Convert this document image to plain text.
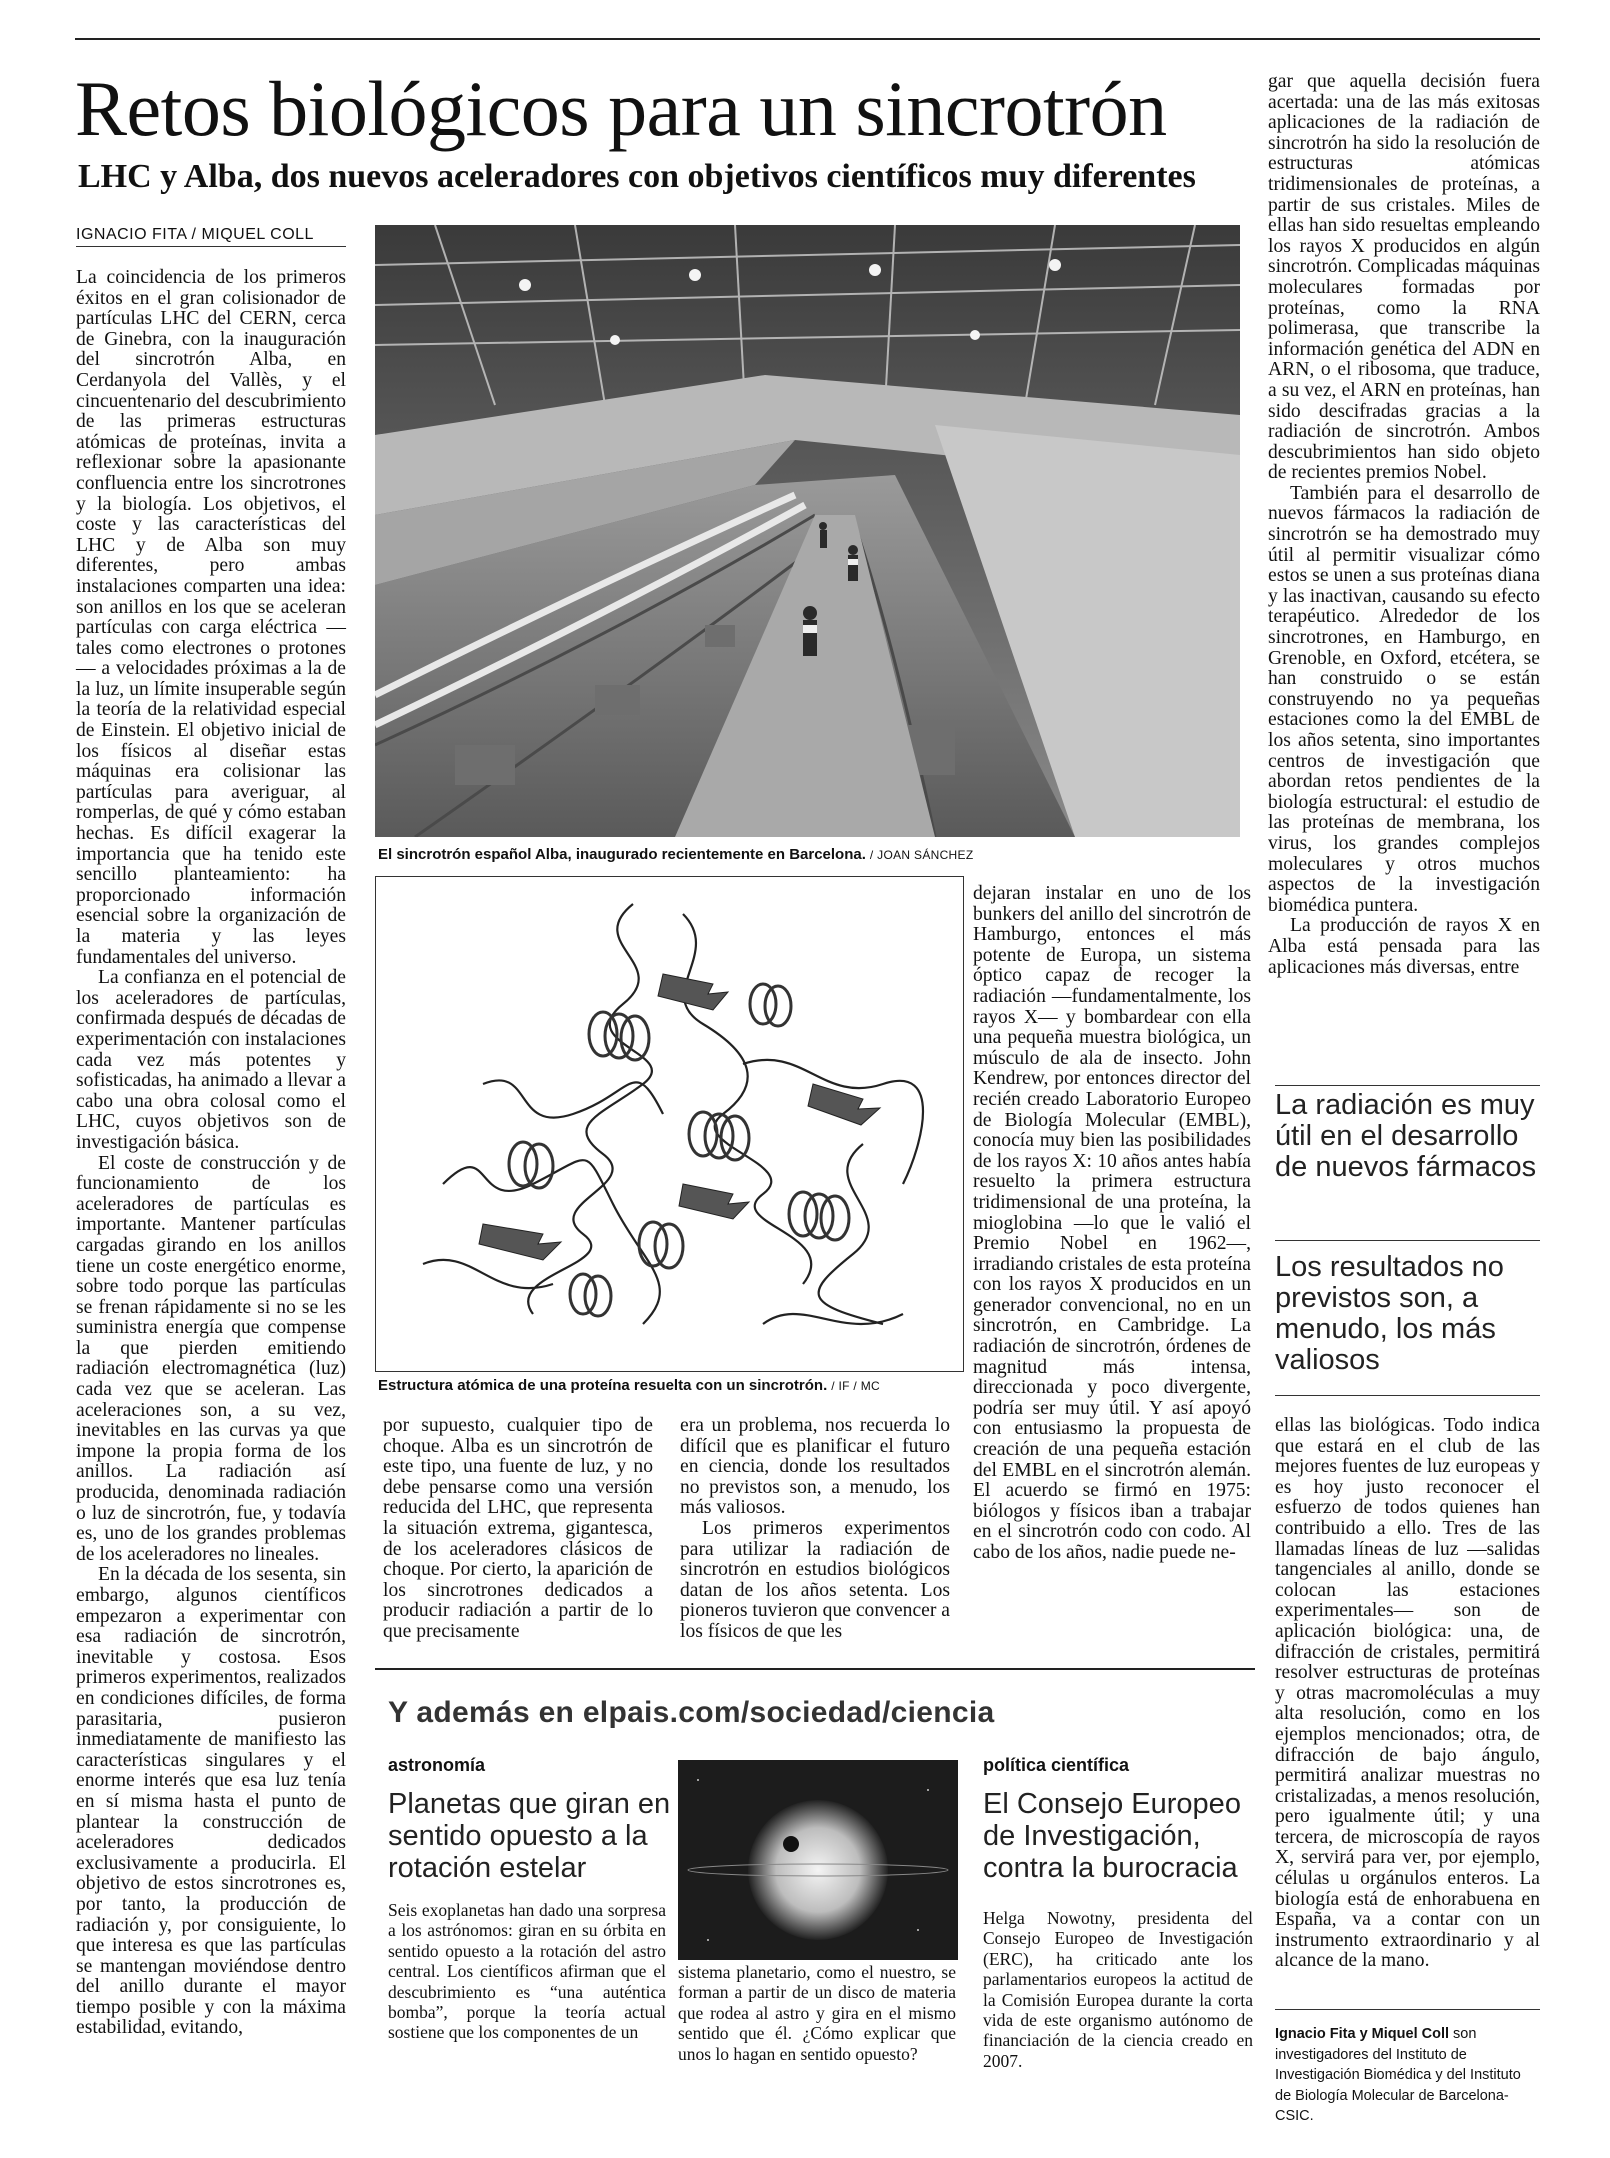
Retos biológicos para un sincrotrón
LHC y Alba, dos nuevos aceleradores con objetivos científicos muy diferentes
IGNACIO FITA / MIQUEL COLL

La coincidencia de los primeros éxitos en el gran colisionador de partículas LHC del CERN, cerca de Ginebra, con la inauguración del sincrotrón Alba, en Cerdanyola del Vallès, y el cincuentenario del descubrimiento de las primeras estructuras atómicas de proteínas, invita a reflexionar sobre la apasionante confluencia entre los sincrotrones y la biología. Los objetivos, el coste y las características del LHC y de Alba son muy diferentes, pero ambas instalaciones comparten una idea: son anillos en los que se aceleran partículas con carga eléctrica —tales como electrones o protones— a velocidades próximas a la de la luz, un límite insuperable según la teoría de la relatividad especial de Einstein. El objetivo inicial de los físicos al diseñar estas máquinas era colisionar las partículas para averiguar, al romperlas, de qué y cómo estaban hechas. Es difícil exagerar la importancia que ha tenido este sencillo planteamiento: ha proporcionado información esencial sobre la organización de la materia y las leyes fundamentales del universo.

La confianza en el potencial de los aceleradores de partículas, confirmada después de décadas de experimentación con instalaciones cada vez más potentes y sofisticadas, ha animado a llevar a cabo una obra colosal como el LHC, cuyos objetivos son de investigación básica.

El coste de construcción y de funcionamiento de los aceleradores de partículas es importante. Mantener partículas cargadas girando en los anillos tiene un coste energético enorme, sobre todo porque las partículas se frenan rápidamente si no se les suministra energía que compense la que pierden emitiendo radiación electromagnética (luz) cada vez que se aceleran. Las aceleraciones son, a su vez, inevitables en las curvas ya que impone la propia forma de los anillos. La radiación así producida, denominada radiación o luz de sincrotrón, fue, y todavía es, uno de los grandes problemas de los aceleradores no lineales.

En la década de los sesenta, sin embargo, algunos científicos empezaron a experimentar con esa radiación de sincrotrón, inevitable y costosa. Esos primeros experimentos, realizados en condiciones difíciles, de forma parasitaria, pusieron inmediatamente de manifiesto las características singulares y el enorme interés que esa luz tenía en sí misma hasta el punto de plantear la construcción de aceleradores dedicados exclusivamente a producirla. El objetivo de estos sincrotrones es, por tanto, la producción de radiación y, por consiguiente, lo que interesa es que las partículas se mantengan moviéndose dentro del anillo durante el mayor tiempo posible y con la máxima estabilidad, evitando,

El sincrotrón español Alba, inaugurado recientemente en Barcelona. / JOAN SÁNCHEZ
Estructura atómica de una proteína resuelta con un sincrotrón. / IF / MC

por supuesto, cualquier tipo de choque. Alba es un sincrotrón de este tipo, una fuente de luz, y no debe pensarse como una versión reducida del LHC, que representa la situación extrema, gigantesca, de los aceleradores clásicos de choque. Por cierto, la aparición de los sincrotrones dedicados a producir radiación a partir de lo que precisamente

era un problema, nos recuerda lo difícil que es planificar el futuro en ciencia, donde los resultados no previstos son, a menudo, los más valiosos.

Los primeros experimentos para utilizar la radiación de sincrotrón en estudios biológicos datan de los años setenta. Los pioneros tuvieron que convencer a los físicos de que les

dejaran instalar en uno de los bunkers del anillo del sincrotrón de Hamburgo, entonces el más potente de Europa, un sistema óptico capaz de recoger la radiación —fundamentalmente, los rayos X— y bombardear con ella una pequeña muestra biológica, un músculo de ala de insecto. John Kendrew, por entonces director del recién creado Laboratorio Europeo de Biología Molecular (EMBL), conocía muy bien las posibilidades de los rayos X: 10 años antes había resuelto la primera estructura tridimensional de una proteína, la mioglobina —lo que le valió el Premio Nobel en 1962—, irradiando cristales de esta proteína con los rayos X producidos en un generador convencional, no en un sincrotrón, en Cambridge. La radiación de sincrotrón, órdenes de magnitud más intensa, direccionada y poco divergente, podría ser muy útil. Y así apoyó con entusiasmo la propuesta de creación de una pequeña estación del EMBL en el sincrotrón alemán. El acuerdo se firmó en 1975: biólogos y físicos iban a trabajar en el sincrotrón codo con codo. Al cabo de los años, nadie puede ne-

gar que aquella decisión fuera acertada: una de las más exitosas aplicaciones de la radiación de sincrotrón ha sido la resolución de estructuras atómicas tridimensionales de proteínas, a partir de sus cristales. Miles de ellas han sido resueltas empleando los rayos X producidos en algún sincrotrón. Complicadas máquinas moleculares formadas por proteínas, como la RNA polimerasa, que transcribe la información genética del ADN en ARN, o el ribosoma, que traduce, a su vez, el ARN en proteínas, han sido descifradas gracias a la radiación de sincrotrón. Ambos descubrimientos han sido objeto de recientes premios Nobel.

También para el desarrollo de nuevos fármacos la radiación de sincrotrón se ha demostrado muy útil al permitir visualizar cómo estos se unen a sus proteínas diana y las inactivan, causando su efecto terapéutico. Alrededor de los sincrotrones, en Hamburgo, en Grenoble, en Oxford, etcétera, se han construido o se están construyendo no ya pequeñas estaciones como la del EMBL de los años setenta, sino importantes centros de investigación que abordan retos pendientes de la biología estructural: el estudio de las proteínas de membrana, los virus, los grandes complejos moleculares y otros muchos aspectos de la investigación biomédica puntera.

La producción de rayos X en Alba está pensada para las aplicaciones más diversas, entre

La radiación es muy útil en el desarrollo de nuevos fármacos
Los resultados no previstos son, a menudo, los más valiosos

ellas las biológicas. Todo indica que estará en el club de las mejores fuentes de luz europeas y es hoy justo reconocer el esfuerzo de todos quienes han contribuido a ello. Tres de las llamadas líneas de luz —salidas tangenciales al anillo, donde se colocan las estaciones experimentales— son de aplicación biológica: una, de difracción de cristales, permitirá resolver estructuras de proteínas y otras macromoléculas a muy alta resolución, como en los ejemplos mencionados; otra, de difracción de bajo ángulo, permitirá analizar muestras no cristalizadas, a menos resolución, pero igualmente útil; y una tercera, de microscopía de rayos X, servirá para ver, por ejemplo, células u orgánulos enteros. La biología está de enhorabuena en España, va a contar con un instrumento extraordinario y al alcance de la mano.

Y además en elpais.com/sociedad/ciencia
astronomía
Planetas que giran en sentido opuesto a la rotación estelar
Seis exoplanetas han dado una sorpresa a los astrónomos: giran en su órbita en sentido opuesto a la rotación del astro central. Los científicos afirman que el descubrimiento es “una auténtica bomba”, porque la teoría actual sostiene que los componentes de un
sistema planetario, como el nuestro, se forman a partir de un disco de materia que rodea al astro y gira en el mismo sentido que él. ¿Cómo explicar que unos lo hagan en sentido opuesto?
política científica
El Consejo Europeo de Investigación, contra la burocracia
Helga Nowotny, presidenta del Consejo Europeo de Investigación (ERC), ha criticado ante los parlamentarios europeos la actitud de la Comisión Europea durante la corta vida de este organismo autónomo de financiación de la ciencia creado en 2007.
Ignacio Fita y Miquel Coll son investigadores del Instituto de Investigación Biomédica y del Instituto de Biología Molecular de Barcelona-CSIC.
